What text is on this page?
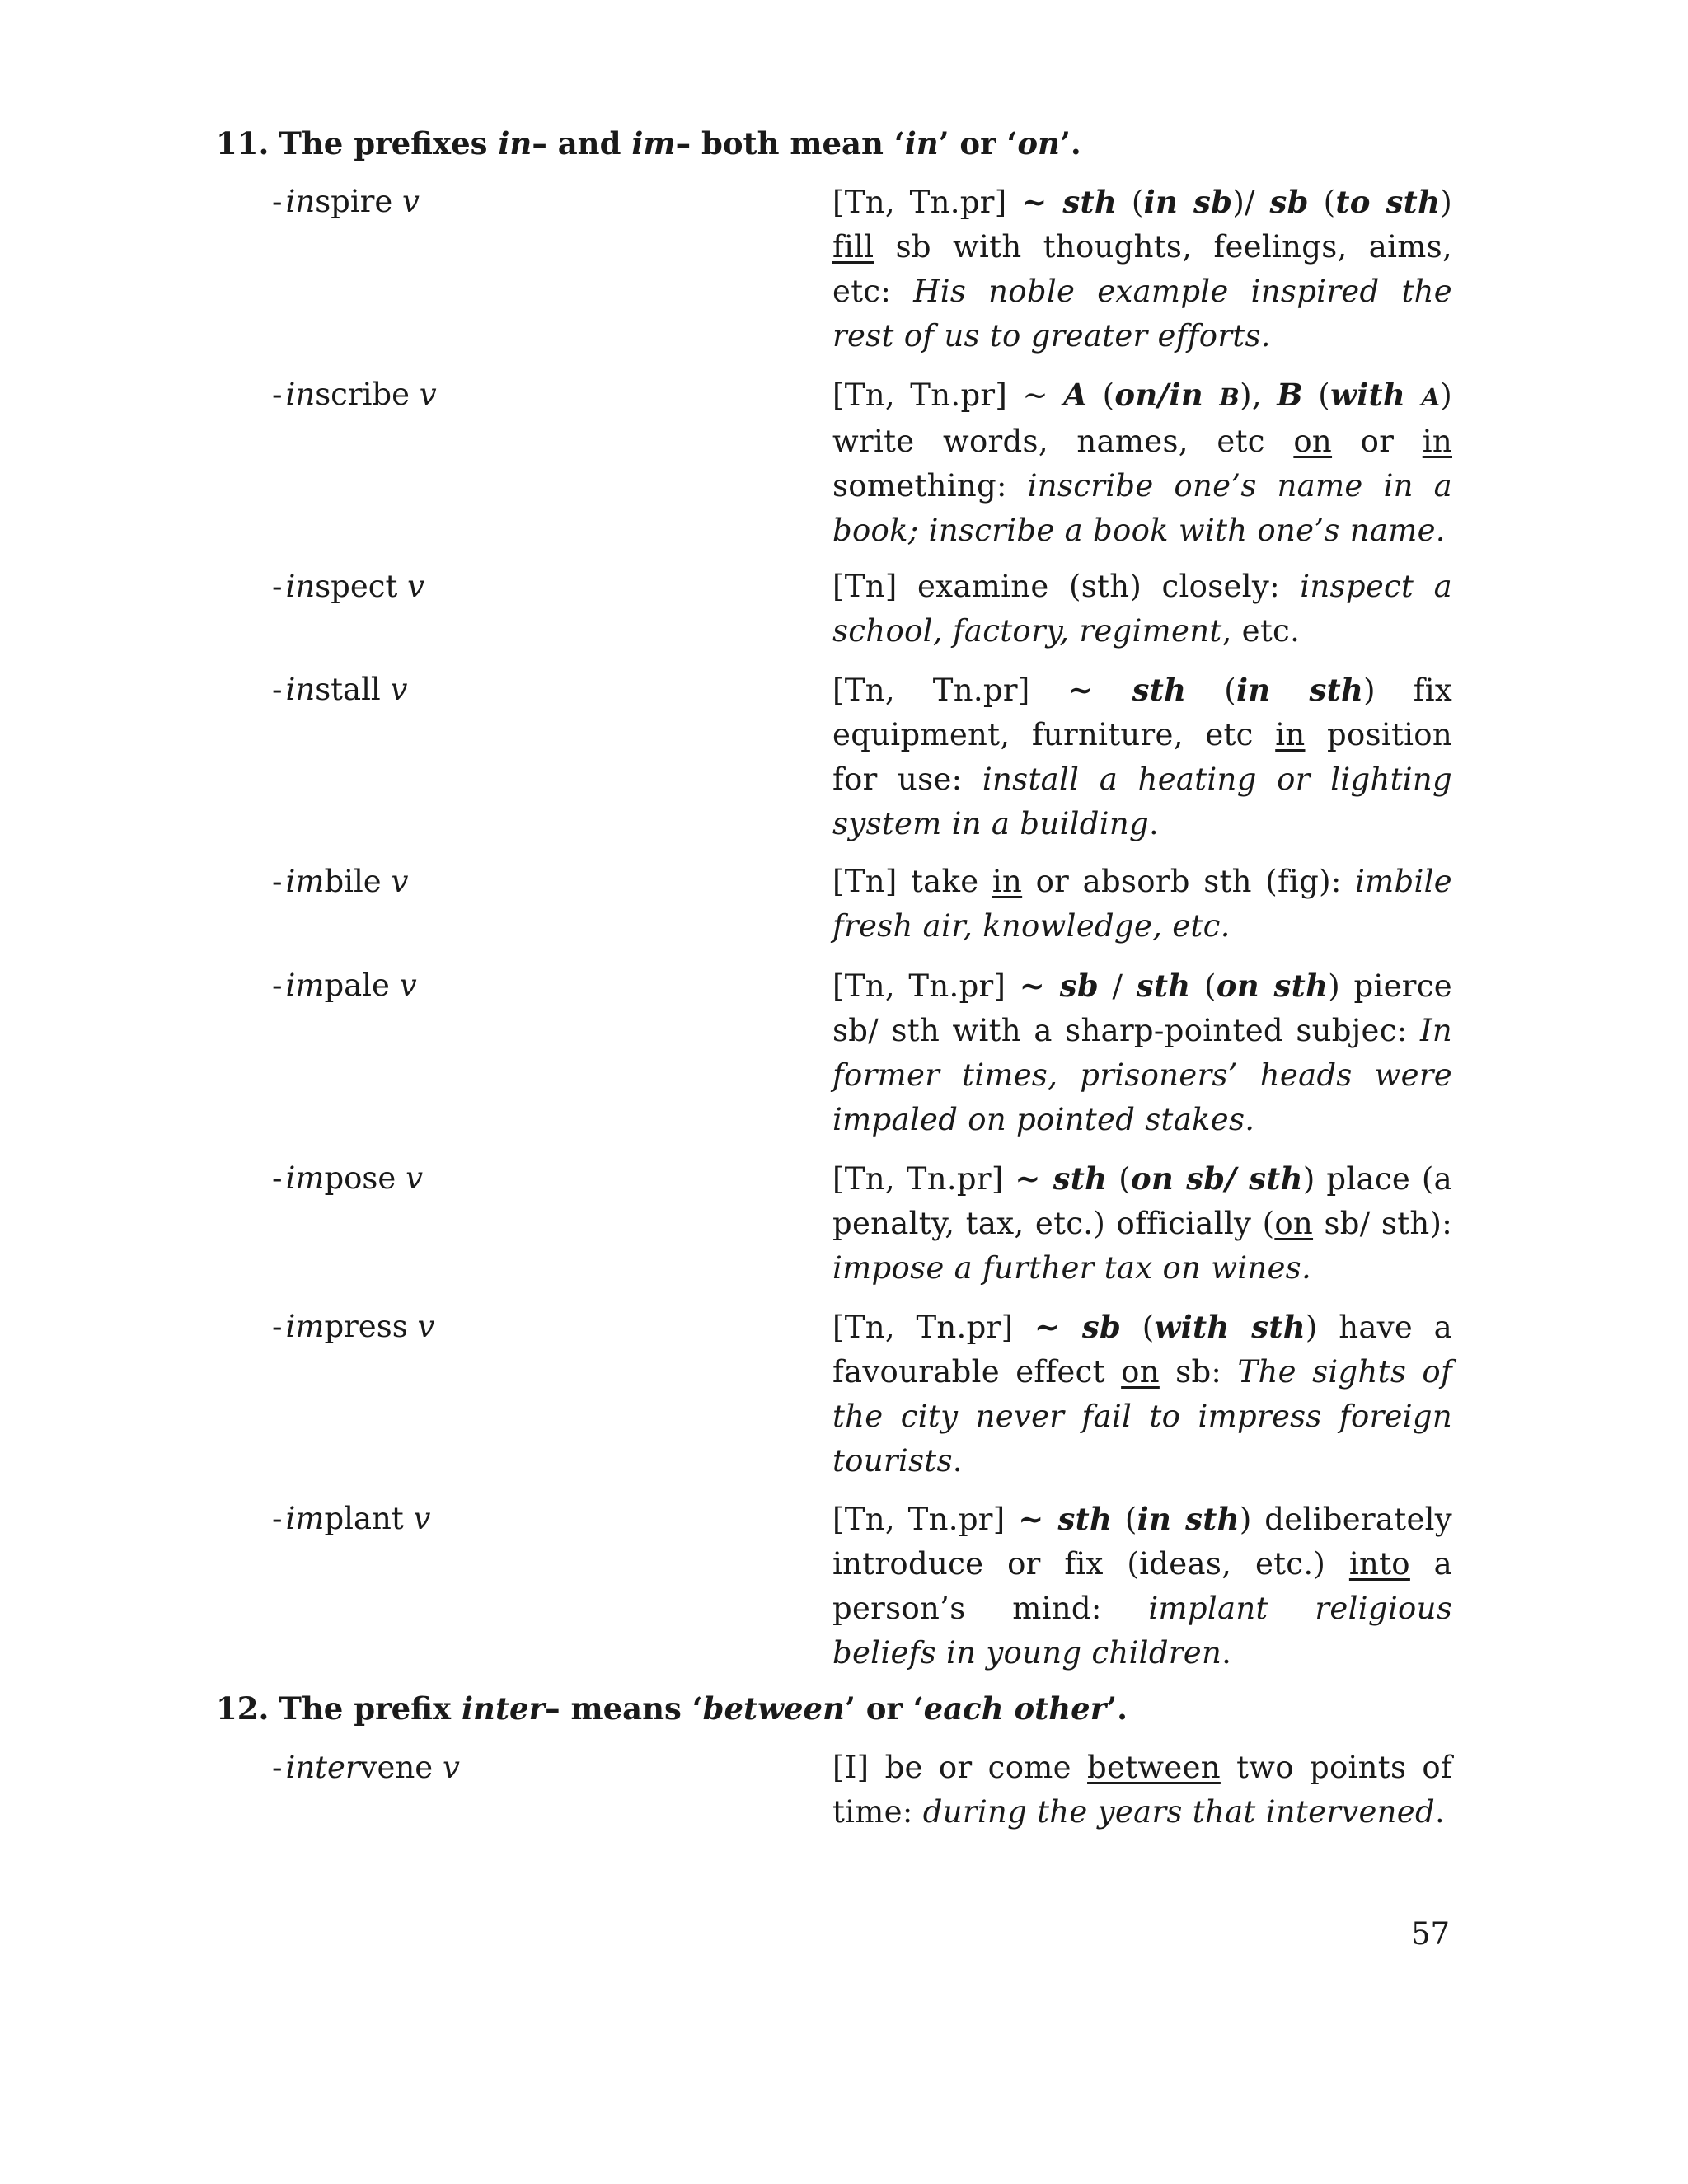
11. The prefixes in– and im– both mean ‘in’ or ‘on’.
- inspire v	[Tn, Tn.pr] ~ sth (in sb)/ sb (to sth) fill sb with thoughts, feelings, aims, etc: His noble example inspired the rest of us to greater efforts.
- inscribe v	[Tn, Tn.pr] ~ A (on/in B), B (with A) write words, names, etc on or in something: inscribe one’s name in a book; inscribe a book with one’s name.
- inspect v	[Tn] examine (sth) closely: inspect a school, factory, regiment, etc.
- install v	[Tn, Tn.pr] ~ sth (in sth) fix equipment, furniture, etc in position for use: install a heating or lighting system in a building.
- imbile v	[Tn] take in or absorb sth (fig): imbile fresh air, knowledge, etc.
- impale v	[Tn, Tn.pr] ~ sb / sth (on sth) pierce sb/ sth with a sharp-pointed subjec: In former times, prisoners’ heads were impaled on pointed stakes.
- impose v	[Tn, Tn.pr] ~ sth (on sb/ sth) place (a penalty, tax, etc.) officially (on sb/ sth): impose a further tax on wines.
- impress v	[Tn, Tn.pr] ~ sb (with sth) have a favourable effect on sb: The sights of the city never fail to impress foreign tourists.
- implant v	[Tn, Tn.pr] ~ sth (in sth) deliberately introduce or fix (ideas, etc.) into a person’s mind: implant religious beliefs in young children.
12. The prefix inter– means ‘between’ or ‘each other’.
- intervene v	[I] be or come between two points of time: during the years that intervened.
57
